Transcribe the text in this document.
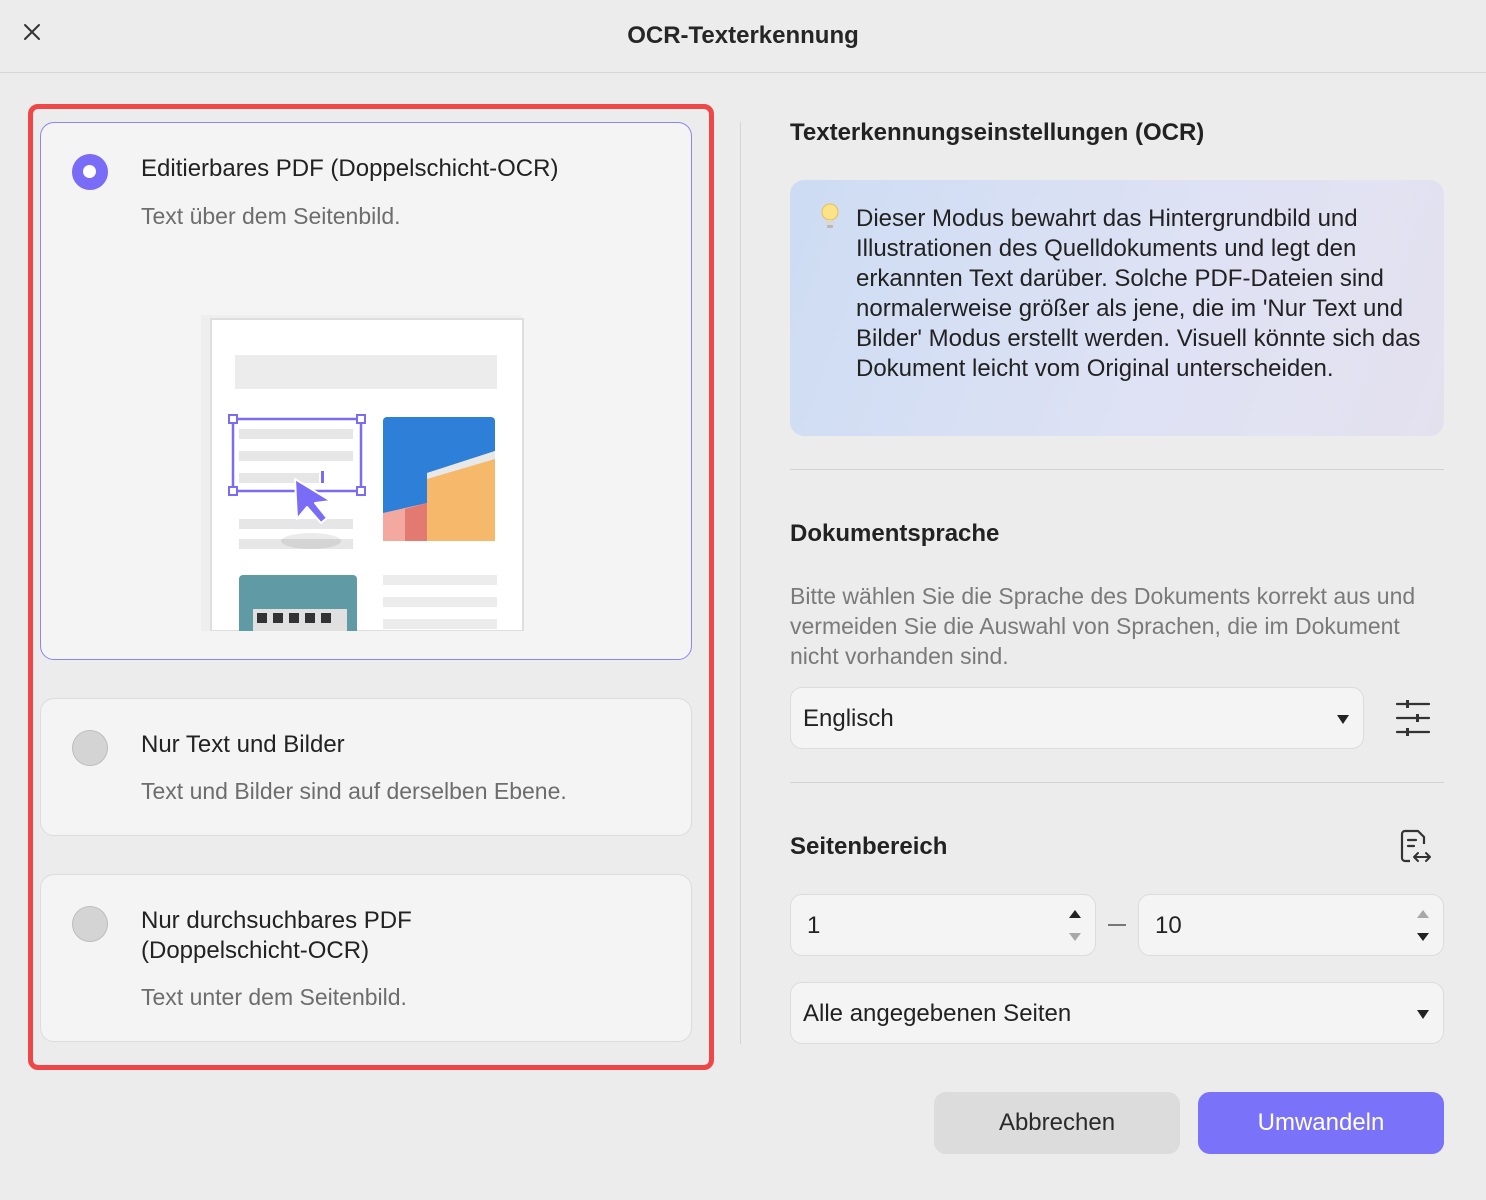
OCR-Texterkennung
Editierbares PDF (Doppelschicht-OCR)
Text über dem Seitenbild.
Nur Text und Bilder
Text und Bilder sind auf derselben Ebene.
Nur durchsuchbares PDF
(Doppelschicht-OCR)
Text unter dem Seitenbild.
Texterkennungseinstellungen (OCR)
Dieser Modus bewahrt das Hintergrundbild und Illustrationen des Quelldokuments und legt den erkannten Text darüber. Solche PDF-Dateien sind normalerweise größer als jene, die im 'Nur Text und Bilder' Modus erstellt werden. Visuell könnte sich das Dokument leicht vom Original unterscheiden.
Dokumentsprache
Bitte wählen Sie die Sprache des Dokuments korrekt aus und vermeiden Sie die Auswahl von Sprachen, die im Dokument nicht vorhanden sind.
Englisch
Seitenbereich
1	10
Alle angegebenen Seiten
Abbrechen	Umwandeln
